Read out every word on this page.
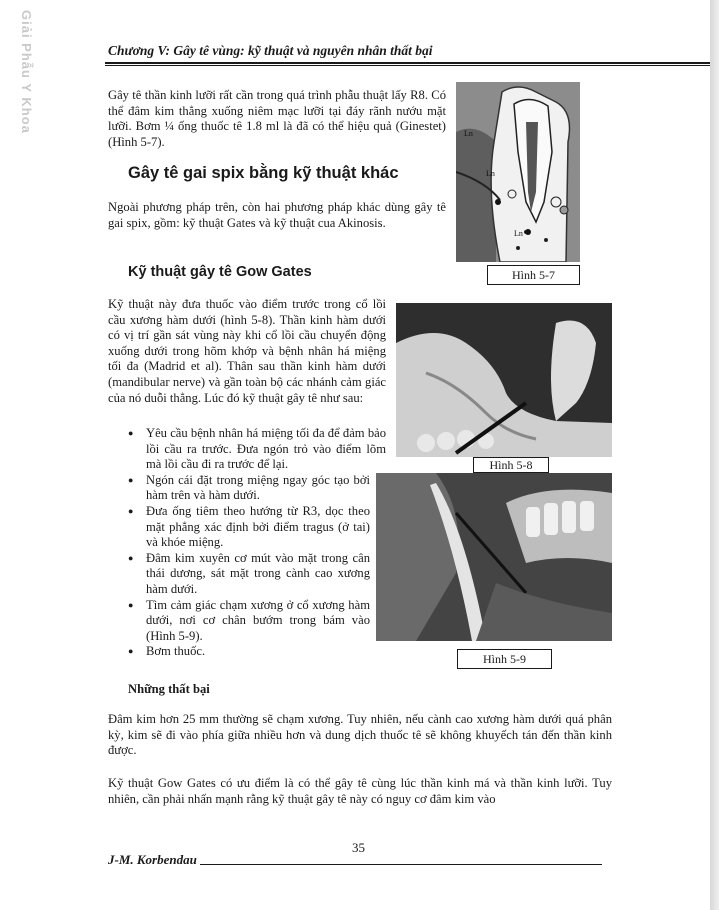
Giải Phẫu Y Khoa	Chương V: Gây tê vùng: kỹ thuật và nguyên nhân thất bại

Gây tê thần kinh lưỡi rất cần trong quá trình phẫu thuật lấy R8. Có thể đâm kim thẳng xuống niêm mạc lưỡi tại đáy rãnh nướu mặt lưỡi. Bơm ¼ ống thuốc tê 1.8 ml là đã có thể hiệu quả (Ginestet) (Hình 5-7).

Gây tê gai spix bằng kỹ thuật khác

Ngoài phương pháp trên, còn hai phương pháp khác dùng gây tê gai spix, gồm: kỹ thuật Gates và kỹ thuật cua Akinosis.

Kỹ thuật gây tê Gow Gates

Kỹ thuật này đưa thuốc vào điểm trước trong cổ lồi cầu xương hàm dưới (hình 5-8). Thần kinh hàm dưới có vị trí gần sát vùng này khi cổ lồi cầu chuyển động xuống dưới trong hõm khớp và bệnh nhân há miệng tối đa (Madrid et al). Thân sau thần kinh hàm dưới (mandibular nerve) và gần toàn bộ các nhánh cảm giác của nó duỗi thẳng. Lúc đó kỹ thuật gây tê như sau:

● Yêu cầu bệnh nhân há miệng tối đa để đảm bảo lồi cầu ra trước. Đưa ngón trỏ vào điểm lõm mà lồi cầu đi ra trước để lại.
● Ngón cái đặt trong miệng ngay góc tạo bởi hàm trên và hàm dưới.
● Đưa ống tiêm theo hướng từ R3, dọc theo mặt phẳng xác định bởi điểm tragus (ở tai) và khóe miệng.
● Đâm kim xuyên cơ mút vào mặt trong cân thái dương, sát mặt trong cành cao xương hàm dưới.
● Tìm cảm giác chạm xương ở cổ xương hàm dưới, nơi cơ chân bướm trong bám vào (Hình 5-9).
● Bơm thuốc.
Những thất bại

Đâm kim hơn 25 mm thường sẽ chạm xương. Tuy nhiên, nếu cành cao xương hàm dưới quá phân kỳ, kim sẽ đi vào phía giữa nhiều hơn và dung dịch thuốc tê sẽ không khuyếch tán đến thần kinh được.

Kỹ thuật Gow Gates có ưu điểm là có thể gây tê cùng lúc thần kinh má và thần kinh lưỡi. Tuy nhiên, cần phải nhấn mạnh rằng kỹ thuật gây tê này có nguy cơ đâm kim vào

Ln
Ln
Ln
Hình 5-7
Hình 5-8
Hình 5-9
35
J-M. Korbendau
